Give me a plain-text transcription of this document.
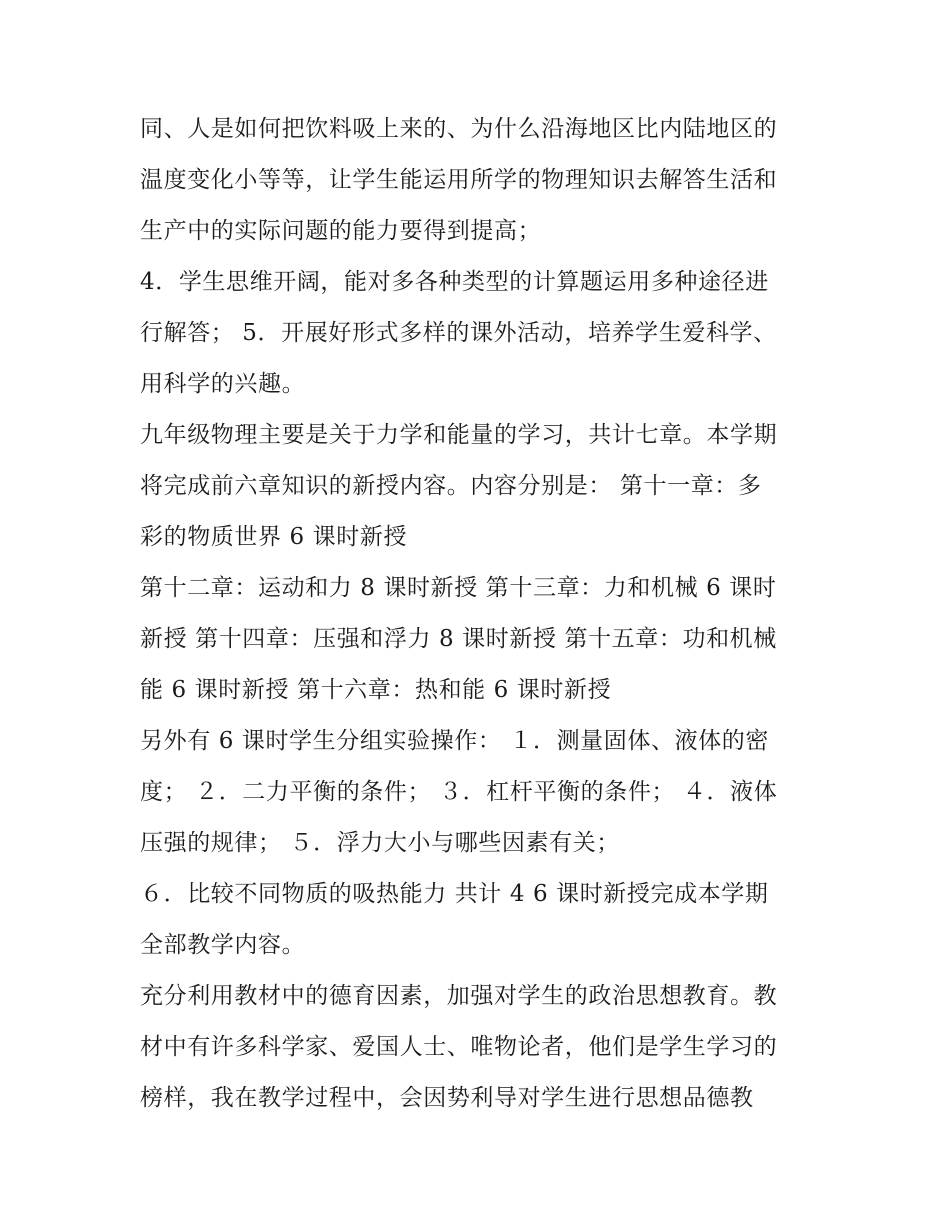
同、人是如何把饮料吸上来的、为什么沿海地区比内陆地区的
温度变化小等等，让学生能运用所学的物理知识去解答生活和
生产中的实际问题的能力要得到提高；
4．学生思维开阔，能对多各种类型的计算题运用多种途径进
行解答； 5．开展好形式多样的课外活动，培养学生爱科学、
用科学的兴趣。
九年级物理主要是关于力学和能量的学习，共计七章。本学期
将完成前六章知识的新授内容。内容分别是： 第十一章：多
彩的物质世界 6 课时新授
第十二章：运动和力 8 课时新授 第十三章：力和机械 6 课时
新授 第十四章：压强和浮力 8 课时新授 第十五章：功和机械
能 6 课时新授 第十六章：热和能 6 课时新授
另外有 6 课时学生分组实验操作： １．测量固体、液体的密
度； ２．二力平衡的条件； ３．杠杆平衡的条件； ４．液体
压强的规律； ５．浮力大小与哪些因素有关；
６．比较不同物质的吸热能力 共计 4 6 课时新授完成本学期
全部教学内容。
充分利用教材中的德育因素，加强对学生的政治思想教育。教
材中有许多科学家、爱国人士、唯物论者，他们是学生学习的
榜样，我在教学过程中，会因势利导对学生进行思想品德教
